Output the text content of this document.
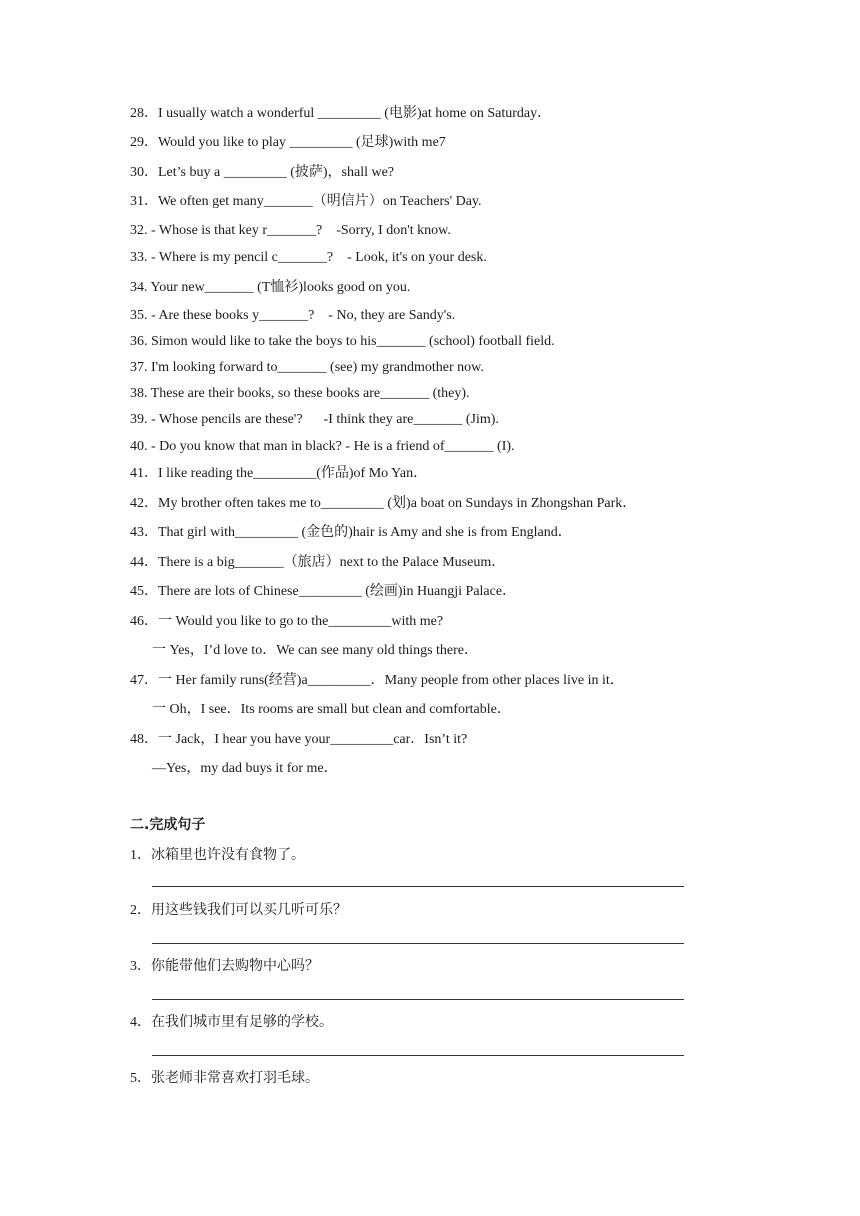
28．I usually watch a wonderful _________ (电影)at home on Saturday．
29．Would you like to play _________ (足球)with me7
30．Let’s buy a _________ (披萨)，shall we?
31．We often get many_______（明信片）on Teachers' Day.
32. - Whose is that key r_______?    -Sorry, I don't know.
33. - Where is my pencil c_______?    - Look, it's on your desk.
34. Your new_______ (T恤衫)looks good on you.
35. - Are these books y_______?    - No, they are Sandy's.
36. Simon would like to take the boys to his_______ (school) football field.
37. I'm looking forward to_______ (see) my grandmother now.
38. These are their books, so these books are_______ (they).
39. - Whose pencils are these'?      -I think they are_______ (Jim).
40. - Do you know that man in black? - He is a friend of_______ (I).
41．I like reading the_________(作品)of Mo Yan．
42．My brother often takes me to_________ (划)a boat on Sundays in Zhongshan Park．
43．That girl with_________ (金色的)hair is Amy and she is from England．
44．There is a big_______（旅店）next to the Palace Museum．
45．There are lots of Chinese_________ (绘画)in Huangji Palace．
46．一 Would you like to go to the_________with me?
一 Yes，I’d love to．We can see many old things there．
47．一 Her family runs(经营)a_________．Many people from other places live in it．
一 Oh，I see．Its rooms are small but clean and comfortable．
48．一 Jack，I hear you have your_________car．Isn’t it?
—Yes，my dad buys it for me．
二.完成句子
1．冰箱里也许没有食物了。
2．用这些钱我们可以买几听可乐？
3．你能带他们去购物中心吗？
4．在我们城市里有足够的学校。
5．张老师非常喜欢打羽毛球。
